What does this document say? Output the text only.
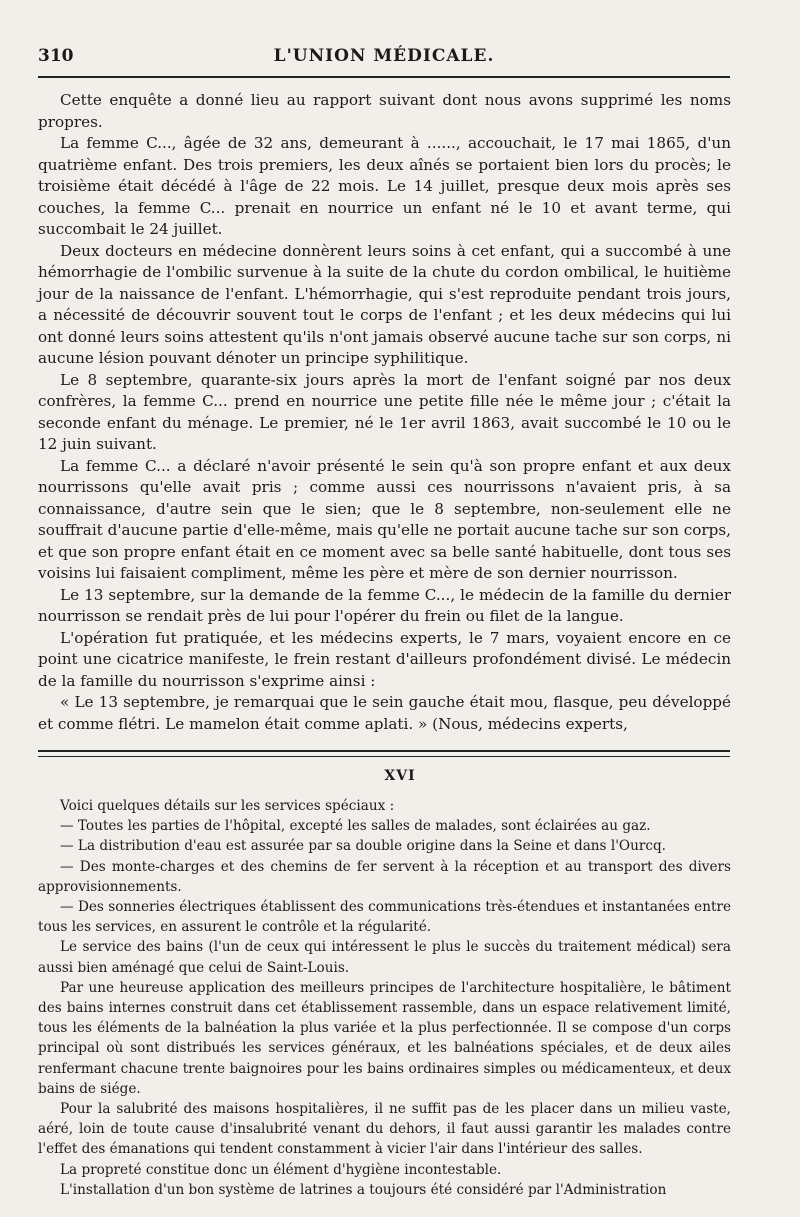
310	L'UNION MÉDICALE.

Cette enquête a donné lieu au rapport suivant dont nous avons supprimé les noms propres.

La femme C..., âgée de 32 ans, demeurant à ......, accouchait, le 17 mai 1865, d'un quatrième enfant. Des trois premiers, les deux aînés se portaient bien lors du procès; le troisième était décédé à l'âge de 22 mois. Le 14 juillet, presque deux mois après ses couches, la femme C... prenait en nourrice un enfant né le 10 et avant terme, qui succombait le 24 juillet.

Deux docteurs en médecine donnèrent leurs soins à cet enfant, qui a succombé à une hémorrhagie de l'ombilic survenue à la suite de la chute du cordon ombilical, le huitième jour de la naissance de l'enfant. L'hémorrhagie, qui s'est reproduite pendant trois jours, a nécessité de découvrir souvent tout le corps de l'enfant ; et les deux médecins qui lui ont donné leurs soins attestent qu'ils n'ont jamais observé aucune tache sur son corps, ni aucune lésion pouvant dénoter un principe syphilitique.

Le 8 septembre, quarante-six jours après la mort de l'enfant soigné par nos deux confrères, la femme C... prend en nourrice une petite fille née le même jour ; c'était la seconde enfant du ménage. Le premier, né le 1er avril 1863, avait succombé le 10 ou le 12 juin suivant.

La femme C... a déclaré n'avoir présenté le sein qu'à son propre enfant et aux deux nourrissons qu'elle avait pris ; comme aussi ces nourrissons n'avaient pris, à sa connaissance, d'autre sein que le sien; que le 8 septembre, non-seulement elle ne souffrait d'aucune partie d'elle-même, mais qu'elle ne portait aucune tache sur son corps, et que son propre enfant était en ce moment avec sa belle santé habituelle, dont tous ses voisins lui faisaient compliment, même les père et mère de son dernier nourrisson.

Le 13 septembre, sur la demande de la femme C..., le médecin de la famille du dernier nourrisson se rendait près de lui pour l'opérer du frein ou filet de la langue.

L'opération fut pratiquée, et les médecins experts, le 7 mars, voyaient encore en ce point une cicatrice manifeste, le frein restant d'ailleurs profondément divisé. Le médecin de la famille du nourrisson s'exprime ainsi :

« Le 13 septembre, je remarquai que le sein gauche était mou, flasque, peu développé et comme flétri. Le mamelon était comme aplati. » (Nous, médecins experts,

XVI

Voici quelques détails sur les services spéciaux :

— Toutes les parties de l'hôpital, excepté les salles de malades, sont éclairées au gaz.

— La distribution d'eau est assurée par sa double origine dans la Seine et dans l'Ourcq.

— Des monte-charges et des chemins de fer servent à la réception et au transport des divers approvisionnements.

— Des sonneries électriques établissent des communications très-étendues et instantanées entre tous les services, en assurent le contrôle et la régularité.

Le service des bains (l'un de ceux qui intéressent le plus le succès du traitement médical) sera aussi bien aménagé que celui de Saint-Louis.

Par une heureuse application des meilleurs principes de l'architecture hospitalière, le bâtiment des bains internes construit dans cet établissement rassemble, dans un espace relativement limité, tous les éléments de la balnéation la plus variée et la plus perfectionnée. Il se compose d'un corps principal où sont distribués les services généraux, et les balnéations spéciales, et de deux ailes renfermant chacune trente baignoires pour les bains ordinaires simples ou médicamenteux, et deux bains de siége.

Pour la salubrité des maisons hospitalières, il ne suffit pas de les placer dans un milieu vaste, aéré, loin de toute cause d'insalubrité venant du dehors, il faut aussi garantir les malades contre l'effet des émanations qui tendent constamment à vicier l'air dans l'intérieur des salles.

La propreté constitue donc un élément d'hygiène incontestable.

L'installation d'un bon système de latrines a toujours été considéré par l'Administration
